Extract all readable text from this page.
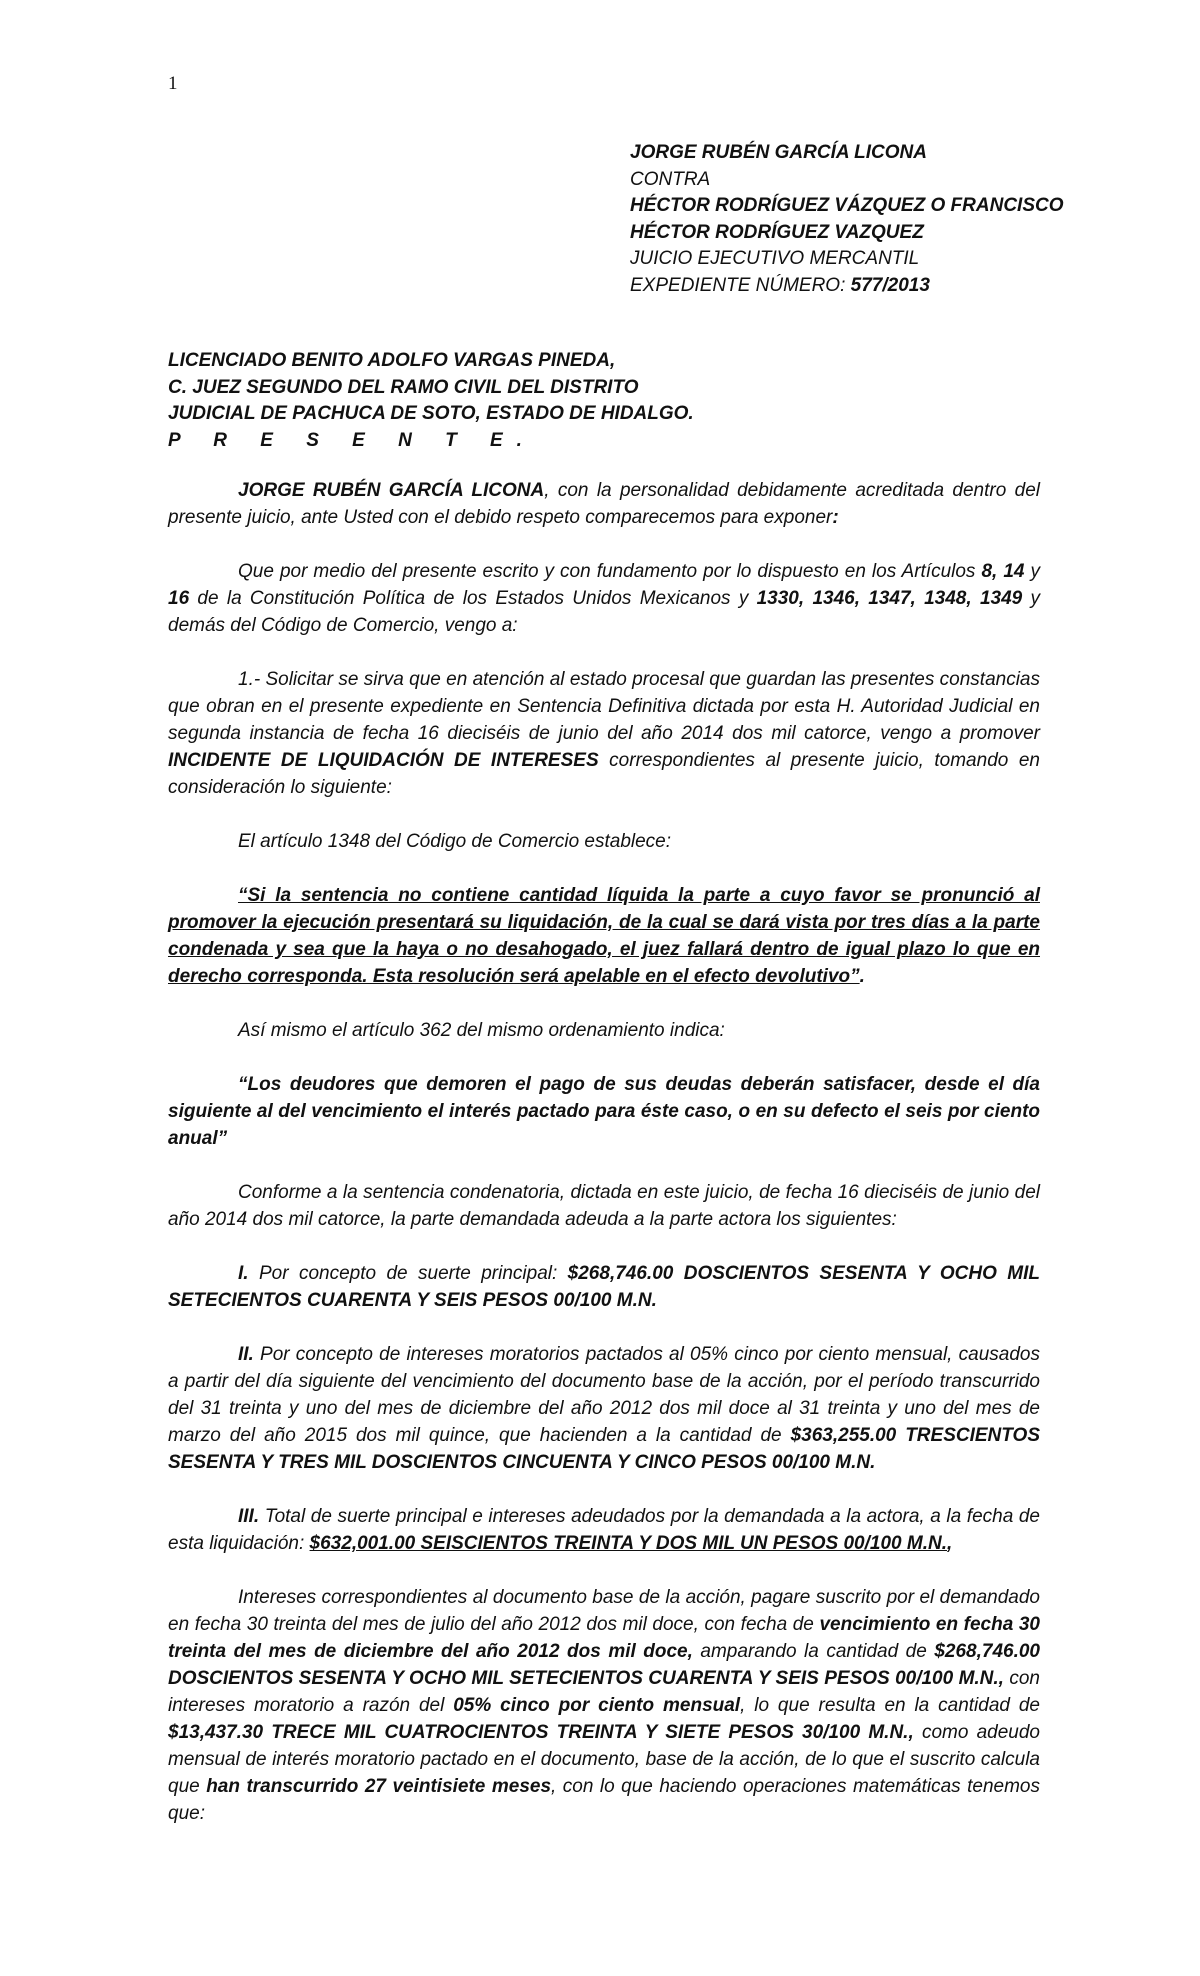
1
JORGE RUBÉN GARCÍA LICONA
CONTRA
HÉCTOR RODRÍGUEZ VÁZQUEZ O FRANCISCO
HÉCTOR RODRÍGUEZ VAZQUEZ
JUICIO EJECUTIVO MERCANTIL
EXPEDIENTE NÚMERO: 577/2013
LICENCIADO BENITO ADOLFO VARGAS PINEDA,
C. JUEZ SEGUNDO DEL RAMO CIVIL DEL DISTRITO
JUDICIAL DE PACHUCA DE SOTO, ESTADO DE HIDALGO.
P R E S E N T E.

JORGE RUBÉN GARCÍA LICONA, con la personalidad debidamente acreditada dentro del presente juicio, ante Usted con el debido respeto comparecemos para exponer:

Que por medio del presente escrito y con fundamento por lo dispuesto en los Artículos 8, 14 y 16 de la Constitución Política de los Estados Unidos Mexicanos y 1330, 1346, 1347, 1348, 1349 y demás del Código de Comercio, vengo a:

1.- Solicitar se sirva que en atención al estado procesal que guardan las presentes constancias que obran en el presente expediente en Sentencia Definitiva dictada por esta H. Autoridad Judicial en segunda instancia de fecha 16 dieciséis de junio del año 2014 dos mil catorce, vengo a promover INCIDENTE DE LIQUIDACIÓN DE INTERESES correspondientes al presente juicio, tomando en consideración lo siguiente:

El artículo 1348 del Código de Comercio establece:

“Si la sentencia no contiene cantidad líquida la parte a cuyo favor se pronunció al promover la ejecución presentará su liquidación, de la cual se dará vista por tres días a la parte condenada y sea que la haya o no desahogado, el juez fallará dentro de igual plazo lo que en derecho corresponda. Esta resolución será apelable en el efecto devolutivo”.

Así mismo el artículo 362 del mismo ordenamiento indica:

“Los deudores que demoren el pago de sus deudas deberán satisfacer, desde el día siguiente al del vencimiento el interés pactado para éste caso, o en su defecto el seis por ciento anual”

Conforme a la sentencia condenatoria, dictada en este juicio, de fecha 16 dieciséis de junio del año 2014 dos mil catorce, la parte demandada adeuda a la parte actora los siguientes:

I. Por concepto de suerte principal: $268,746.00 DOSCIENTOS SESENTA Y OCHO MIL SETECIENTOS CUARENTA Y SEIS PESOS 00/100 M.N.

II. Por concepto de intereses moratorios pactados al 05% cinco por ciento mensual, causados a partir del día siguiente del vencimiento del documento base de la acción, por el período transcurrido del 31 treinta y uno del mes de diciembre del año 2012 dos mil doce al 31 treinta y uno del mes de marzo del año 2015 dos mil quince, que hacienden a la cantidad de $363,255.00 TRESCIENTOS SESENTA Y TRES MIL DOSCIENTOS CINCUENTA Y CINCO PESOS 00/100 M.N.

III. Total de suerte principal e intereses adeudados por la demandada a la actora, a la fecha de esta liquidación: $632,001.00 SEISCIENTOS TREINTA Y DOS MIL UN PESOS 00/100 M.N.,

Intereses correspondientes al documento base de la acción, pagare suscrito por el demandado en fecha 30 treinta del mes de julio del año 2012 dos mil doce, con fecha de vencimiento en fecha 30 treinta del mes de diciembre del año 2012 dos mil doce, amparando la cantidad de $268,746.00 DOSCIENTOS SESENTA Y OCHO MIL SETECIENTOS CUARENTA Y SEIS PESOS 00/100 M.N., con intereses moratorio a razón del 05% cinco por ciento mensual, lo que resulta en la cantidad de $13,437.30 TRECE MIL CUATROCIENTOS TREINTA Y SIETE PESOS 30/100 M.N., como adeudo mensual de interés moratorio pactado en el documento, base de la acción, de lo que el suscrito calcula que han transcurrido 27 veintisiete meses, con lo que haciendo operaciones matemáticas tenemos que:
